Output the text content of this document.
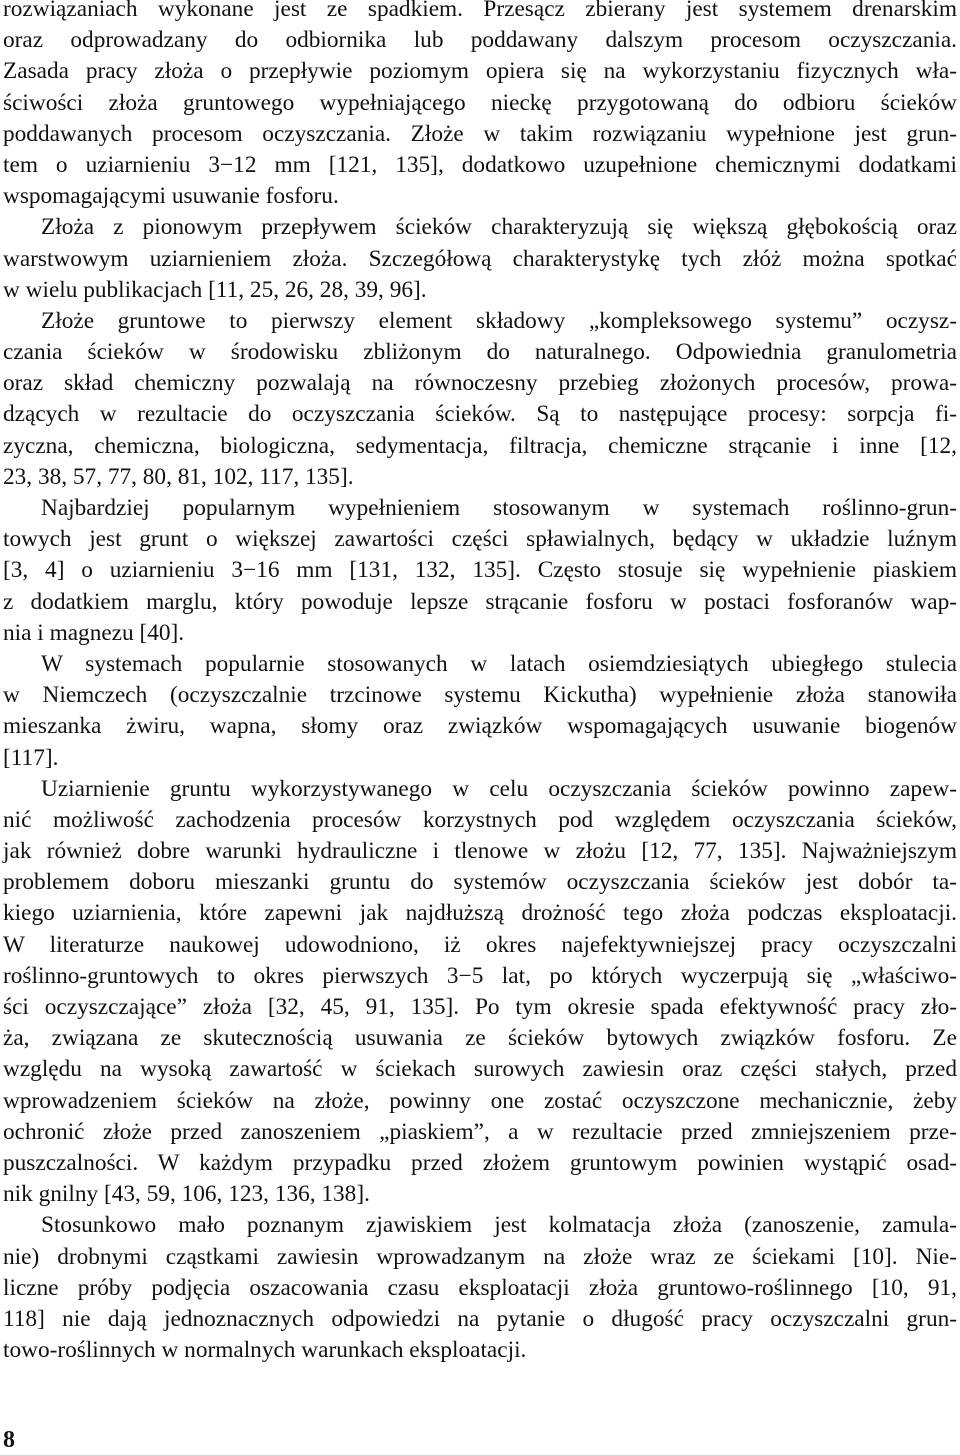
rozwiązaniach wykonane jest ze spadkiem. Przesącz zbierany jest systemem drenarskim
oraz odprowadzany do odbiornika lub poddawany dalszym procesom oczyszczania.
Zasada pracy złoża o przepływie poziomym opiera się na wykorzystaniu fizycznych wła-
ściwości złoża gruntowego wypełniającego nieckę przygotowaną do odbioru ścieków
poddawanych procesom oczyszczania. Złoże w takim rozwiązaniu wypełnione jest grun-
tem o uziarnieniu 3−12 mm [121, 135], dodatkowo uzupełnione chemicznymi dodatkami
wspomagającymi usuwanie fosforu.
Złoża z pionowym przepływem ścieków charakteryzują się większą głębokością oraz
warstwowym uziarnieniem złoża. Szczegółową charakterystykę tych złóż można spotkać
w wielu publikacjach [11, 25, 26, 28, 39, 96].
Złoże gruntowe to pierwszy element składowy „kompleksowego systemu” oczysz-
czania ścieków w środowisku zbliżonym do naturalnego. Odpowiednia granulometria
oraz skład chemiczny pozwalają na równoczesny przebieg złożonych procesów, prowa-
dzących w rezultacie do oczyszczania ścieków. Są to następujące procesy: sorpcja fi-
zyczna, chemiczna, biologiczna, sedymentacja, filtracja, chemiczne strącanie i inne [12,
23, 38, 57, 77, 80, 81, 102, 117, 135].
Najbardziej popularnym wypełnieniem stosowanym w systemach roślinno-grun-
towych jest grunt o większej zawartości części spławialnych, będący w układzie luźnym
[3, 4] o uziarnieniu 3−16 mm [131, 132, 135]. Często stosuje się wypełnienie piaskiem
z dodatkiem marglu, który powoduje lepsze strącanie fosforu w postaci fosforanów wap-
nia i magnezu [40].
W systemach popularnie stosowanych w latach osiemdziesiątych ubiegłego stulecia
w Niemczech (oczyszczalnie trzcinowe systemu Kickutha) wypełnienie złoża stanowiła
mieszanka żwiru, wapna, słomy oraz związków wspomagających usuwanie biogenów
[117].
Uziarnienie gruntu wykorzystywanego w celu oczyszczania ścieków powinno zapew-
nić możliwość zachodzenia procesów korzystnych pod względem oczyszczania ścieków,
jak również dobre warunki hydrauliczne i tlenowe w złożu [12, 77, 135]. Najważniejszym
problemem doboru mieszanki gruntu do systemów oczyszczania ścieków jest dobór ta-
kiego uziarnienia, które zapewni jak najdłuższą drożność tego złoża podczas eksploatacji.
W literaturze naukowej udowodniono, iż okres najefektywniejszej pracy oczyszczalni
roślinno-gruntowych to okres pierwszych 3−5 lat, po których wyczerpują się „właściwo-
ści oczyszczające” złoża [32, 45, 91, 135]. Po tym okresie spada efektywność pracy zło-
ża, związana ze skutecznością usuwania ze ścieków bytowych związków fosforu. Ze
względu na wysoką zawartość w ściekach surowych zawiesin oraz części stałych, przed
wprowadzeniem ścieków na złoże, powinny one zostać oczyszczone mechanicznie, żeby
ochronić złoże przed zanoszeniem „piaskiem”, a w rezultacie przed zmniejszeniem prze-
puszczalności. W każdym przypadku przed złożem gruntowym powinien wystąpić osad-
nik gnilny [43, 59, 106, 123, 136, 138].
Stosunkowo mało poznanym zjawiskiem jest kolmatacja złoża (zanoszenie, zamula-
nie) drobnymi cząstkami zawiesin wprowadzanym na złoże wraz ze ściekami [10]. Nie-
liczne próby podjęcia oszacowania czasu eksploatacji złoża gruntowo-roślinnego [10, 91,
118] nie dają jednoznacznych odpowiedzi na pytanie o długość pracy oczyszczalni grun-
towo-roślinnych w normalnych warunkach eksploatacji.
8
